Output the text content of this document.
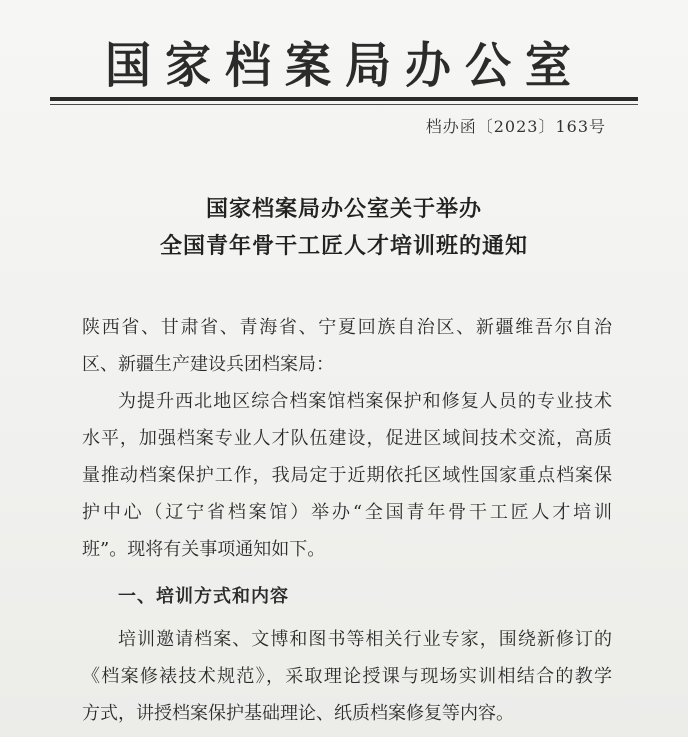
国家档案局办公室
档办函〔2023〕163号
国家档案局办公室关于举办
全国青年骨干工匠人才培训班的通知
陕西省、甘肃省、青海省、宁夏回族自治区、新疆维吾尔自治
区、新疆生产建设兵团档案局：
为提升西北地区综合档案馆档案保护和修复人员的专业技术
水平，加强档案专业人才队伍建设，促进区域间技术交流，高质
量推动档案保护工作，我局定于近期依托区域性国家重点档案保
护中心（辽宁省档案馆）举办“全国青年骨干工匠人才培训
班”。现将有关事项通知如下。
一、培训方式和内容
培训邀请档案、文博和图书等相关行业专家，围绕新修订的
《档案修裱技术规范》，采取理论授课与现场实训相结合的教学
方式，讲授档案保护基础理论、纸质档案修复等内容。
